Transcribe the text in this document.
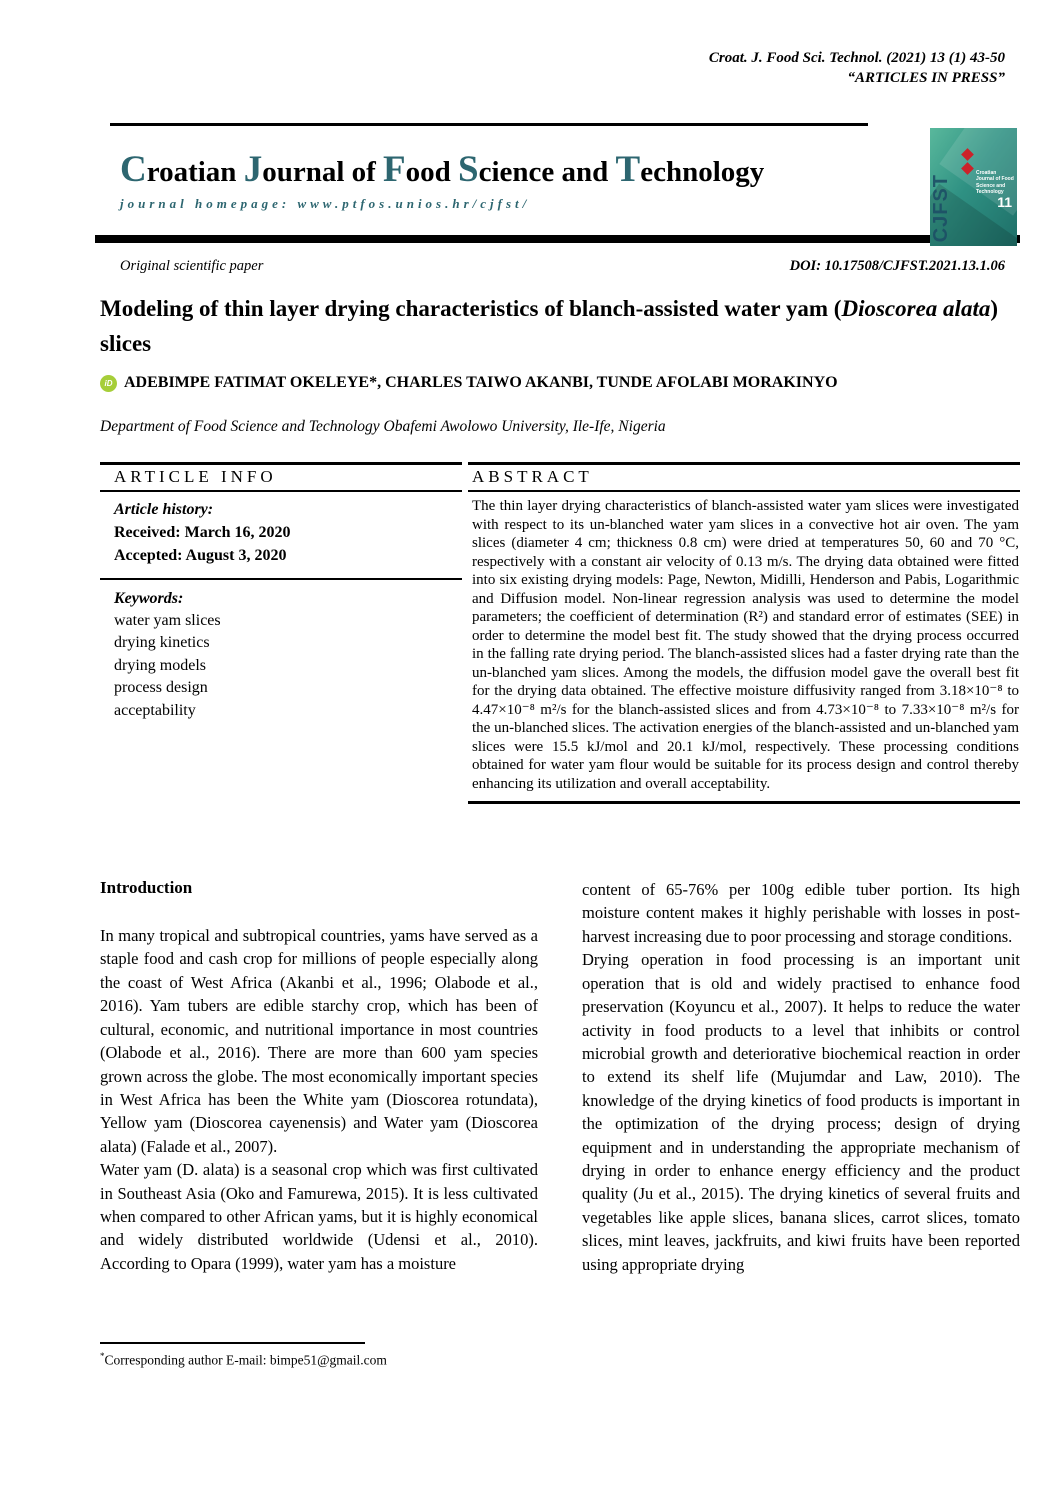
Croat. J. Food Sci. Technol. (2021) 13 (1) 43-50
“ARTICLES IN PRESS”
Croatian Journal of Food Science and Technology
journal homepage: www.ptfos.unios.hr/cjfst/	CJFST
Croatian Journal of Food Science and Technology
11
Original scientific paper	DOI: 10.17508/CJFST.2021.13.1.06
Modeling of thin layer drying characteristics of blanch-assisted water yam (Dioscorea alata) slices
iD ADEBIMPE FATIMAT OKELEYE*, CHARLES TAIWO AKANBI, TUNDE AFOLABI MORAKINYO
Department of Food Science and Technology Obafemi Awolowo University, Ile-Ife, Nigeria
ARTICLE INFO
Article history:
Received: March 16, 2020
Accepted: August 3, 2020
Keywords:
water yam slices
drying kinetics
drying models
process design
acceptability
ABSTRACT
The thin layer drying characteristics of blanch-assisted water yam slices were investigated with respect to its un-blanched water yam slices in a convective hot air oven. The yam slices (diameter 4 cm; thickness 0.8 cm) were dried at temperatures 50, 60 and 70 °C, respectively with a constant air velocity of 0.13 m/s. The drying data obtained were fitted into six existing drying models: Page, Newton, Midilli, Henderson and Pabis, Logarithmic and Diffusion model. Non-linear regression analysis was used to determine the model parameters; the coefficient of determination (R²) and standard error of estimates (SEE) in order to determine the model best fit. The study showed that the drying process occurred in the falling rate drying period. The blanch-assisted slices had a faster drying rate than the un-blanched yam slices. Among the models, the diffusion model gave the overall best fit for the drying data obtained. The effective moisture diffusivity ranged from 3.18×10⁻⁸ to 4.47×10⁻⁸ m²/s for the blanch-assisted slices and from 4.73×10⁻⁸ to 7.33×10⁻⁸ m²/s for the un-blanched slices. The activation energies of the blanch-assisted and un-blanched yam slices were 15.5 kJ/mol and 20.1 kJ/mol, respectively. These processing conditions obtained for water yam flour would be suitable for its process design and control thereby enhancing its utilization and overall acceptability.
Introduction

In many tropical and subtropical countries, yams have served as a staple food and cash crop for millions of people especially along the coast of West Africa (Akanbi et al., 1996; Olabode et al., 2016). Yam tubers are edible starchy crop, which has been of cultural, economic, and nutritional importance in most countries (Olabode et al., 2016). There are more than 600 yam species grown across the globe. The most economically important species in West Africa has been the White yam (Dioscorea rotundata), Yellow yam (Dioscorea cayenensis) and Water yam (Dioscorea alata) (Falade et al., 2007).

Water yam (D. alata) is a seasonal crop which was first cultivated in Southeast Asia (Oko and Famurewa, 2015). It is less cultivated when compared to other African yams, but it is highly economical and widely distributed worldwide (Udensi et al., 2010). According to Opara (1999), water yam has a moisture

content of 65-76% per 100g edible tuber portion. Its high moisture content makes it highly perishable with losses in post-harvest increasing due to poor processing and storage conditions.

Drying operation in food processing is an important unit operation that is old and widely practised to enhance food preservation (Koyuncu et al., 2007). It helps to reduce the water activity in food products to a level that inhibits or control microbial growth and deteriorative biochemical reaction in order to extend its shelf life (Mujumdar and Law, 2010). The knowledge of the drying kinetics of food products is important in the optimization of the drying process; design of drying equipment and in understanding the appropriate mechanism of drying in order to enhance energy efficiency and the product quality (Ju et al., 2015). The drying kinetics of several fruits and vegetables like apple slices, banana slices, carrot slices, tomato slices, mint leaves, jackfruits, and kiwi fruits have been reported using appropriate drying

*Corresponding author E-mail: bimpe51@gmail.com
